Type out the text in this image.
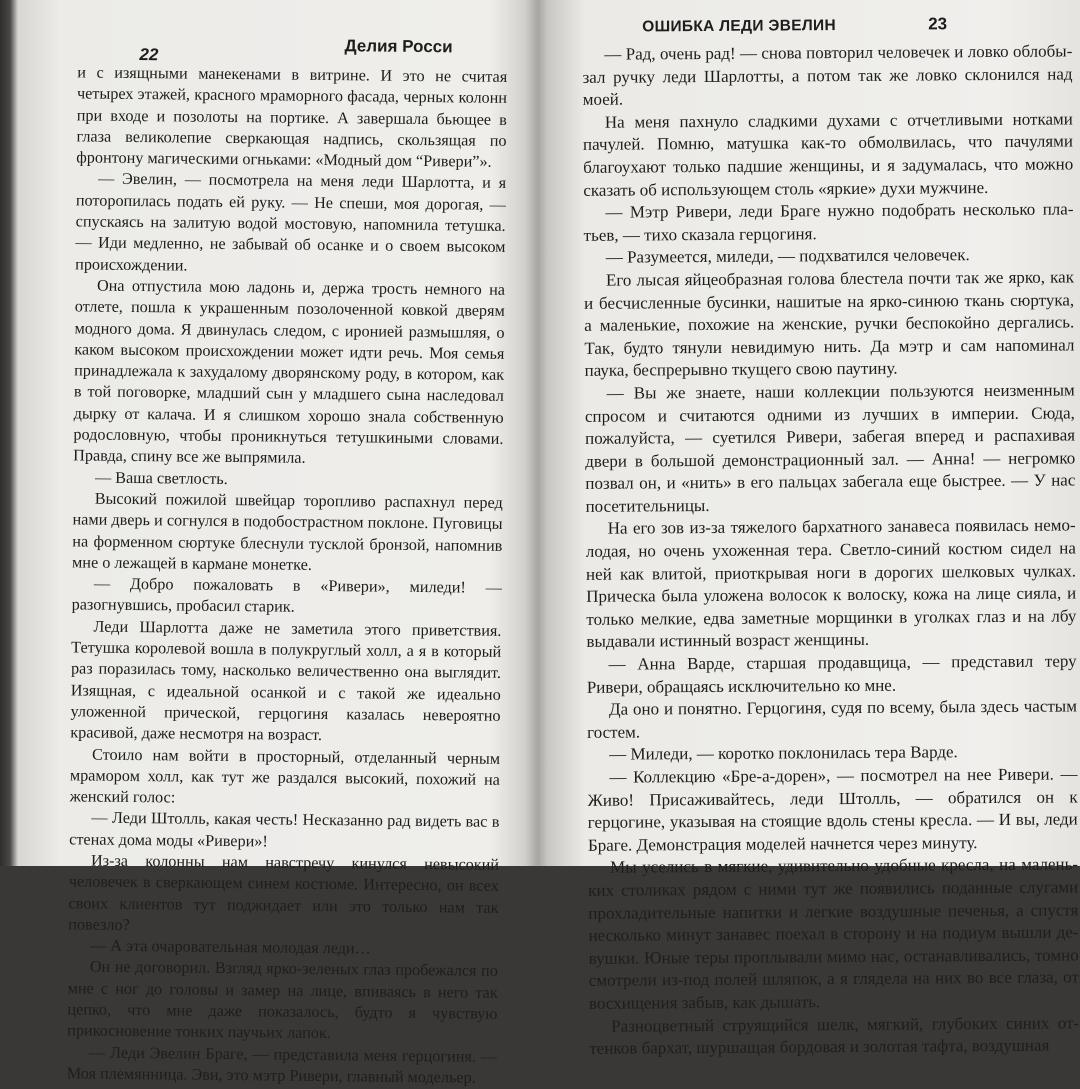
22	Делия Росси

и с изящными манекенами в витрине. И это не считая четырех этажей, красного мраморного фасада, черных колонн при входе и позолоты на портике. А завершала бьющее в глаза великолепие сверкающая надпись, скользящая по фронтону магическими огньками: «Модный дом “Ривери”».

— Эвелин, — посмотрела на меня леди Шарлотта, и я поторопилась подать ей руку. — Не спеши, моя дорогая, — спускаясь на залитую водой мостовую, напомнила тетушка. — Иди медленно, не забывай об осанке и о своем высоком происхождении.

Она отпустила мою ладонь и, держа трость немного на отлете, пошла к украшенным позолоченной ковкой дверям модного дома. Я двинулась следом, с иронией размышляя, о каком высоком происхождении может идти речь. Моя семья принадлежала к захудалому дворянскому роду, в котором, как в той поговорке, младший сын у младшего сына наследовал дырку от калача. И я слишком хорошо знала собственную родословную, чтобы проникнуться тетушкиными словами. Правда, спину все же выпрямила.

— Ваша светлость.

Высокий пожилой швейцар торопливо распахнул перед нами дверь и согнулся в подобострастном поклоне. Пуговицы на форменном сюртуке блеснули тусклой бронзой, напомнив мне о лежащей в кармане монетке.

— Добро пожаловать в «Ривери», миледи! — разогнувшись, пробасил старик.

Леди Шарлотта даже не заметила этого приветствия. Тетушка королевой вошла в полукруглый холл, а я в который раз поразилась тому, насколько величественно она выглядит. Изящная, с идеальной осанкой и с такой же идеально уложенной прической, герцогиня казалась невероятно красивой, даже несмотря на возраст.

Стоило нам войти в просторный, отделанный черным мрамором холл, как тут же раздался высокий, похожий на женский голос:

— Леди Штолль, какая честь! Несказанно рад видеть вас в стенах дома моды «Ривери»!

Из-за колонны нам навстречу кинулся невысокий человечек в сверкающем синем костюме. Интересно, он всех своих клиентов тут поджидает или это только нам так повезло?

— А эта очаровательная молодая леди…

Он не договорил. Взгляд ярко-зеленых глаз пробежался по мне с ног до головы и замер на лице, впиваясь в него так цепко, что мне даже показалось, будто я чувствую прикосновение тонких паучьих лапок.

— Леди Эвелин Браге, — представила меня герцогиня. — Моя племянница. Эви, это мэтр Ривери, главный модельер.

ОШИБКА ЛЕДИ ЭВЕЛИН	23

— Рад, очень рад! — снова повторил человечек и ловко облобызал ручку леди Шарлотты, а потом так же ловко склонился над моей.

На меня пахнуло сладкими духами с отчетливыми нотками пачулей. Помню, матушка как-то обмолвилась, что пачулями благоухают только падшие женщины, и я задумалась, что можно сказать об использующем столь «яркие» духи мужчине.

— Мэтр Ривери, леди Браге нужно подобрать несколько платьев, — тихо сказала герцогиня.

— Разумеется, миледи, — подхватился человечек.

Его лысая яйцеобразная голова блестела почти так же ярко, как и бесчисленные бусинки, нашитые на ярко-синюю ткань сюртука, а маленькие, похожие на женские, ручки беспокойно дергались. Так, будто тянули невидимую нить. Да мэтр и сам напоминал паука, беспрерывно ткущего свою паутину.

— Вы же знаете, наши коллекции пользуются неизменным спросом и считаются одними из лучших в империи. Сюда, пожалуйста, — суетился Ривери, забегая вперед и распахивая двери в большой демонстрационный зал. — Анна! — негромко позвал он, и «нить» в его пальцах забегала еще быстрее. — У нас посетительницы.

На его зов из-за тяжелого бархатного занавеса появилась немолодая, но очень ухоженная тера. Светло-синий костюм сидел на ней как влитой, приоткрывая ноги в дорогих шелковых чулках. Прическа была уложена волосок к волоску, кожа на лице сияла, и только мелкие, едва заметные морщинки в уголках глаз и на лбу выдавали истинный возраст женщины.

— Анна Варде, старшая продавщица, — представил теру Ривери, обращаясь исключительно ко мне.

Да оно и понятно. Герцогиня, судя по всему, была здесь частым гостем.

— Миледи, — коротко поклонилась тера Варде.

— Коллекцию «Бре-а-дорен», — посмотрел на нее Ривери. — Живо! Присаживайтесь, леди Штолль, — обратился он к герцогине, указывая на стоящие вдоль стены кресла. — И вы, леди Браге. Демонстрация моделей начнется через минуту.

Мы уселись в мягкие, удивительно удобные кресла, на маленьких столиках рядом с ними тут же появились поданные слугами прохладительные напитки и легкие воздушные печенья, а спустя несколько минут занавес поехал в сторону и на подиум вышли девушки. Юные теры проплывали мимо нас, останавливались, томно смотрели из-под полей шляпок, а я глядела на них во все глаза, от восхищения забыв, как дышать.

Разноцветный струящийся шелк, мягкий, глубоких синих оттенков бархат, шуршащая бордовая и золотая тафта, воздушная
